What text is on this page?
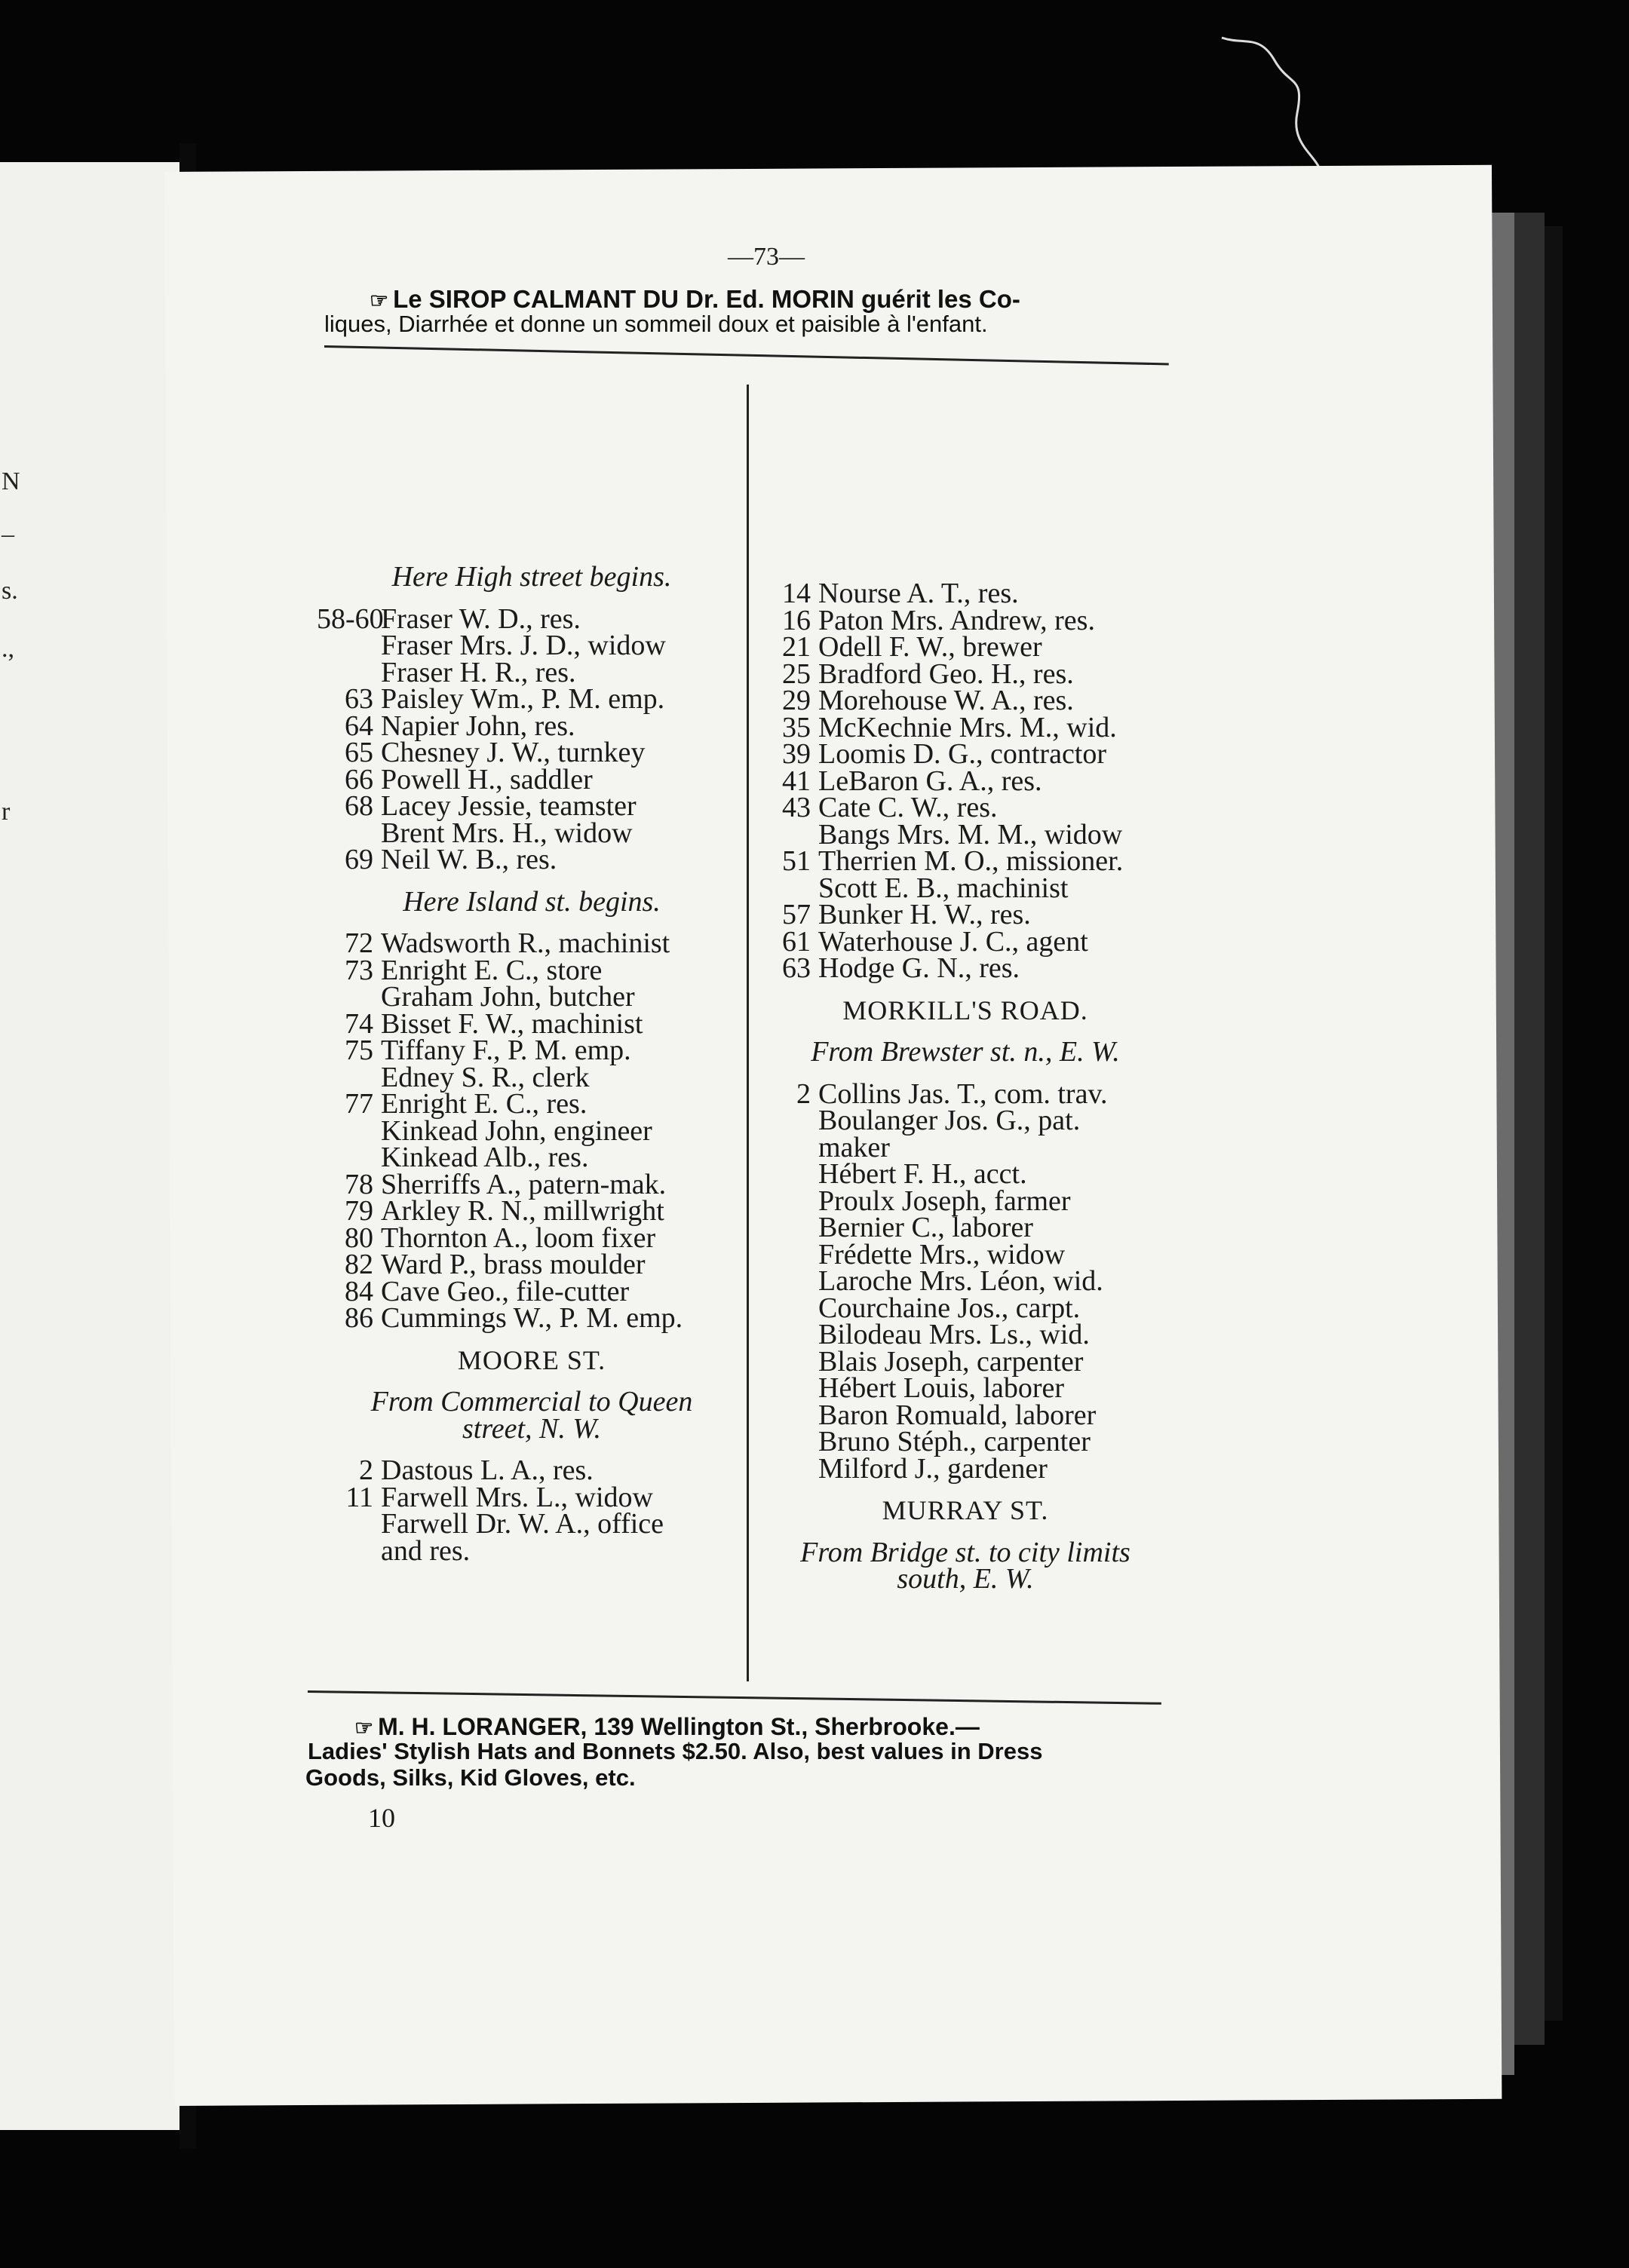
N
–
s.
.,
r
—73—
☞ Le SIROP CALMANT DU Dr. Ed. MORIN guérit les Co-
liques, Diarrhée et donne un sommeil doux et paisible à l'enfant.
Here High street begins.
58-60
Fraser W. D., res.
Fraser Mrs. J. D., widow
Fraser H. R., res.
63 Paisley Wm., P. M. emp.
64 Napier John, res.
65 Chesney J. W., turnkey
66 Powell H., saddler
68 Lacey Jessie, teamster
Brent Mrs. H., widow
69 Neil W. B., res.
Here Island st. begins.
72 Wadsworth R., machinist
73 Enright E. C., store
Graham John, butcher
74 Bisset F. W., machinist
75 Tiffany F., P. M. emp.
Edney S. R., clerk
77 Enright E. C., res.
Kinkead John, engineer
Kinkead Alb., res.
78 Sherriffs A., patern-mak.
79 Arkley R. N., millwright
80 Thornton A., loom fixer
82 Ward P., brass moulder
84 Cave Geo., file-cutter
86 Cummings W., P. M. emp.
MOORE ST.
From Commercial to Queen
street, N. W.
2 Dastous L. A., res.
11 Farwell Mrs. L., widow
Farwell Dr. W. A., office
and res.
14 Nourse A. T., res.
16 Paton Mrs. Andrew, res.
21 Odell F. W., brewer
25 Bradford Geo. H., res.
29 Morehouse W. A., res.
35 McKechnie Mrs. M., wid.
39 Loomis D. G., contractor
41 LeBaron G. A., res.
43 Cate C. W., res.
Bangs Mrs. M. M., widow
51 Therrien M. O., missioner.
Scott E. B., machinist
57 Bunker H. W., res.
61 Waterhouse J. C., agent
63 Hodge G. N., res.
MORKILL'S ROAD.
From Brewster st. n., E. W.
2 Collins Jas. T., com. trav.
Boulanger Jos. G., pat.
maker
Hébert F. H., acct.
Proulx Joseph, farmer
Bernier C., laborer
Frédette Mrs., widow
Laroche Mrs. Léon, wid.
Courchaine Jos., carpt.
Bilodeau Mrs. Ls., wid.
Blais Joseph, carpenter
Hébert Louis, laborer
Baron Romuald, laborer
Bruno Stéph., carpenter
Milford J., gardener
MURRAY ST.
From Bridge st. to city limits
south, E. W.
☞ M. H. LORANGER, 139 Wellington St., Sherbrooke.—
Ladies' Stylish Hats and Bonnets $2.50. Also, best values in Dress
Goods, Silks, Kid Gloves, etc.
10
